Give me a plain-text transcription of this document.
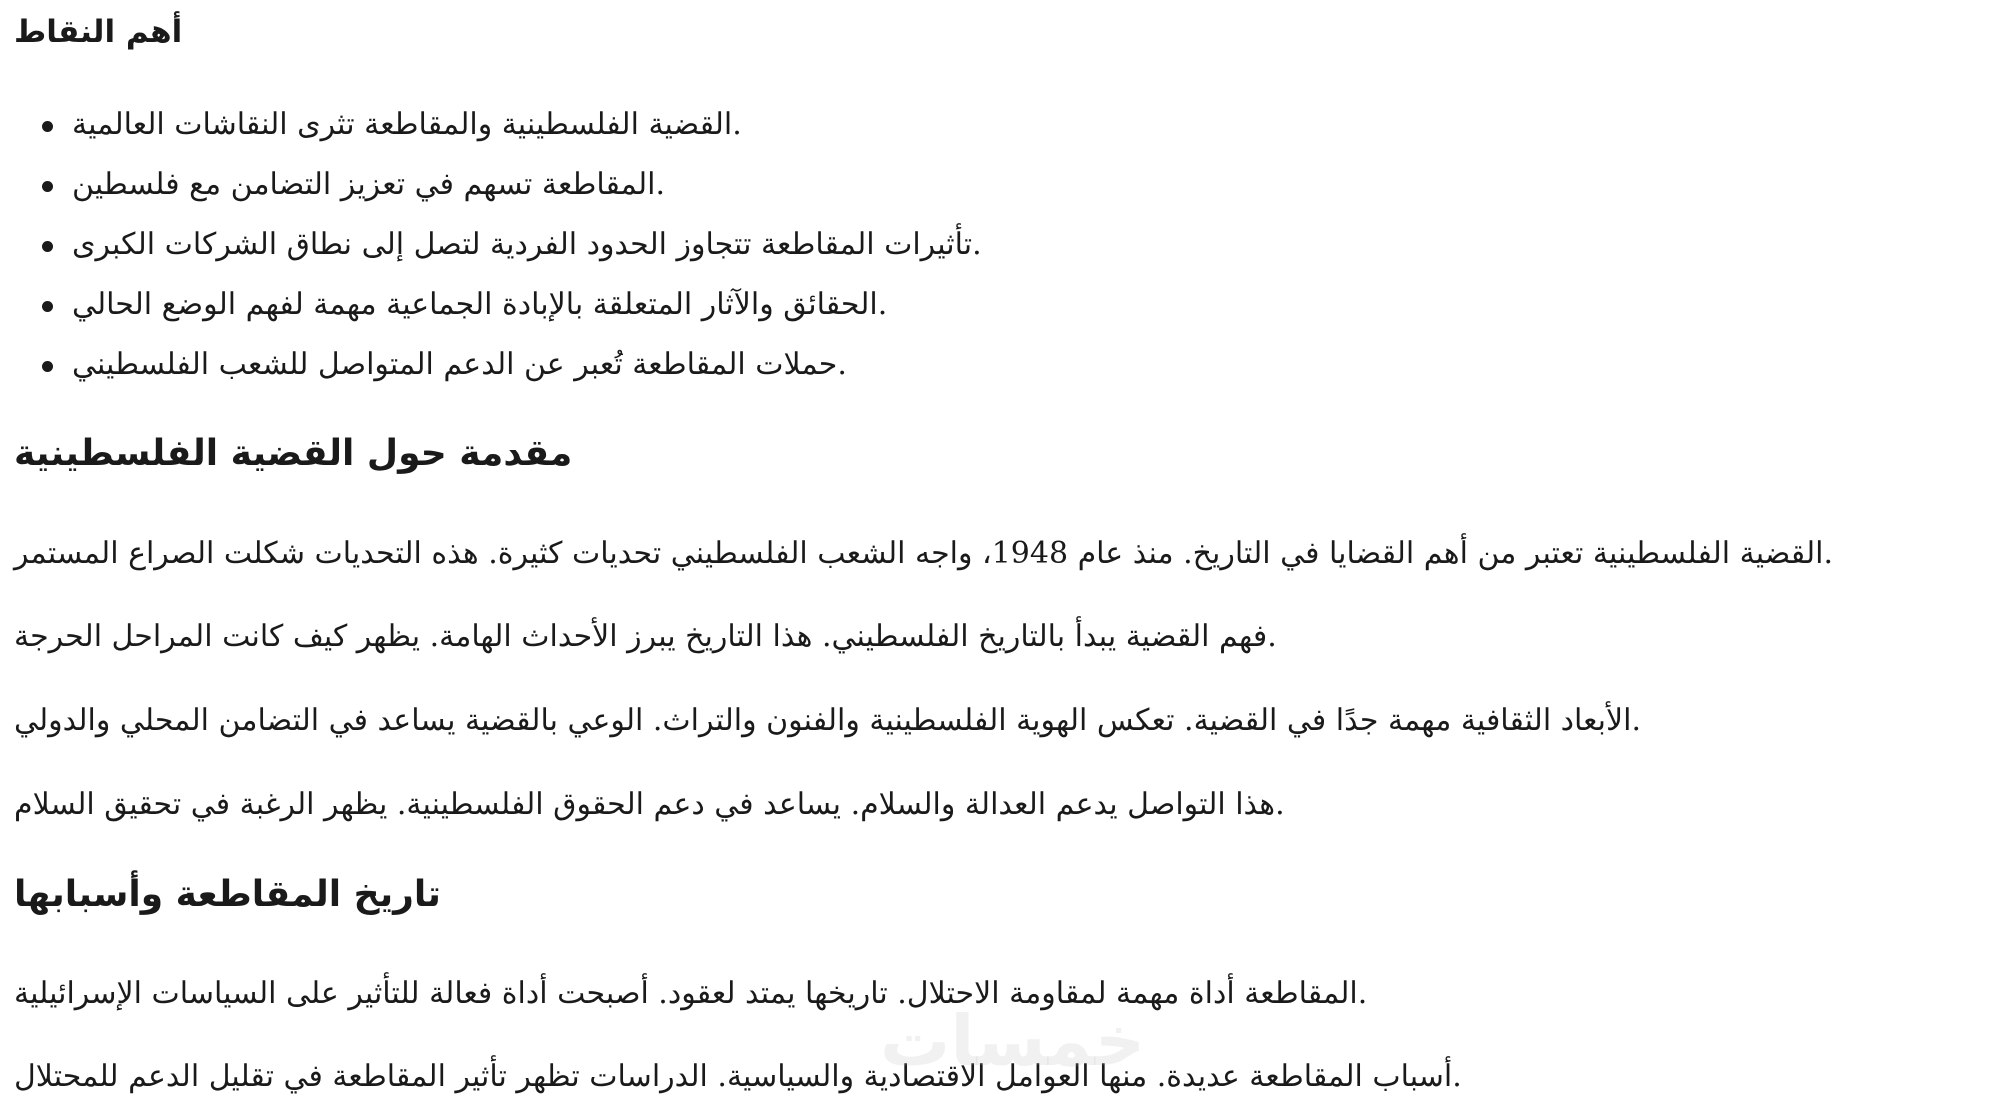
أهم النقاط
القضية الفلسطينية والمقاطعة تثرى النقاشات العالمية.
المقاطعة تسهم في تعزيز التضامن مع فلسطين.
تأثيرات المقاطعة تتجاوز الحدود الفردية لتصل إلى نطاق الشركات الكبرى.
الحقائق والآثار المتعلقة بالإبادة الجماعية مهمة لفهم الوضع الحالي.
حملات المقاطعة تُعبر عن الدعم المتواصل للشعب الفلسطيني.
مقدمة حول القضية الفلسطينية

القضية الفلسطينية تعتبر من أهم القضايا في التاريخ. منذ عام 1948، واجه الشعب الفلسطيني تحديات كثيرة. هذه التحديات شكلت الصراع المستمر.

فهم القضية يبدأ بالتاريخ الفلسطيني. هذا التاريخ يبرز الأحداث الهامة. يظهر كيف كانت المراحل الحرجة.

الأبعاد الثقافية مهمة جدًا في القضية. تعكس الهوية الفلسطينية والفنون والتراث. الوعي بالقضية يساعد في التضامن المحلي والدولي.

هذا التواصل يدعم العدالة والسلام. يساعد في دعم الحقوق الفلسطينية. يظهر الرغبة في تحقيق السلام.

تاريخ المقاطعة وأسبابها

المقاطعة أداة مهمة لمقاومة الاحتلال. تاريخها يمتد لعقود. أصبحت أداة فعالة للتأثير على السياسات الإسرائيلية.

أسباب المقاطعة عديدة. منها العوامل الاقتصادية والسياسية. الدراسات تظهر تأثير المقاطعة في تقليل الدعم للمحتلال.

خمسات
